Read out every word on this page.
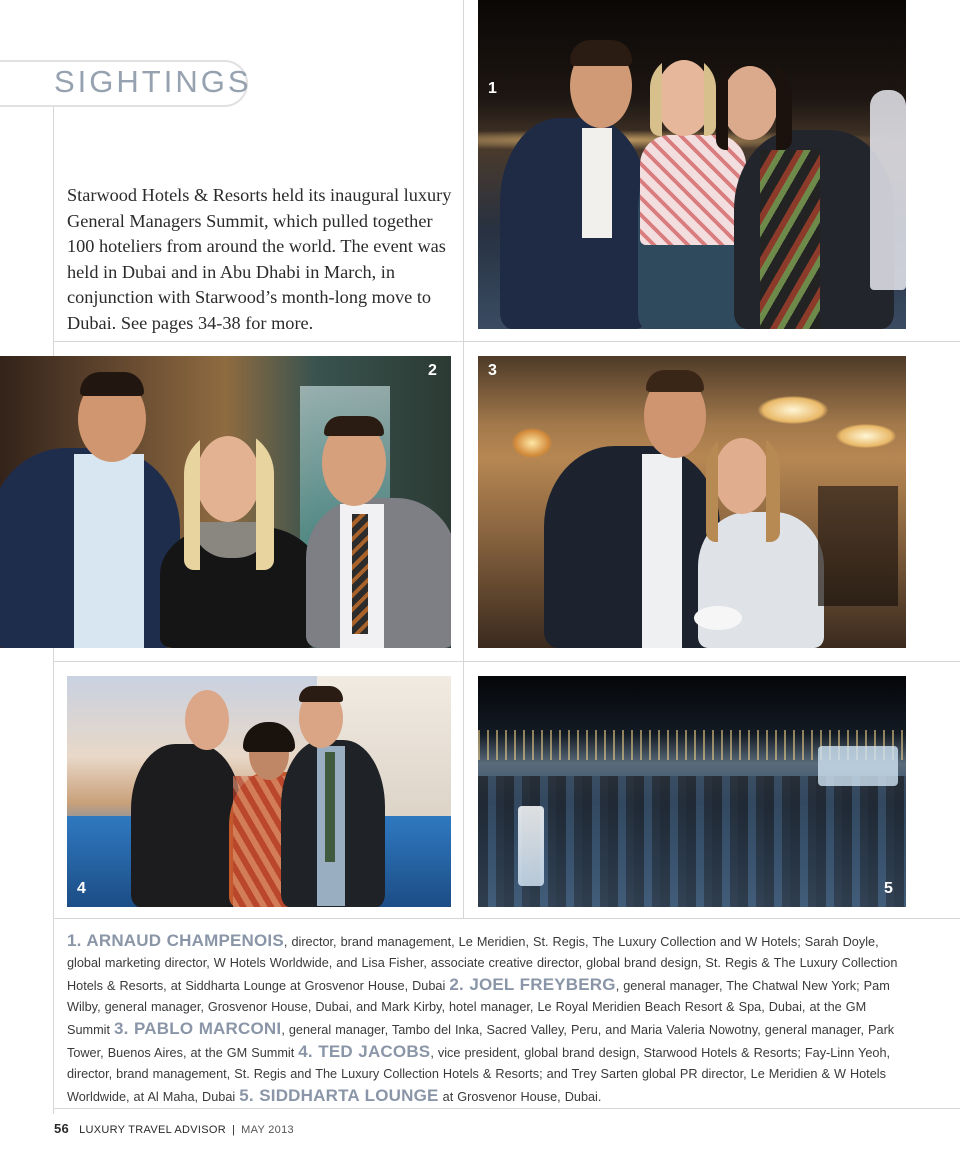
SIGHTINGS

Starwood Hotels & Resorts held its inaugural luxury General Managers Summit, which pulled together 100 hoteliers from around the world. The event was held in Dubai and in Abu Dhabi in March, in conjunction with Starwood’s month-long move to Dubai. See pages 34-38 for more.

1
2	3
4	5

1. ARNAUD CHAMPENOIS, director, brand management, Le Meridien, St. Regis, The Luxury Collection and W Hotels; Sarah Doyle, global marketing director, W Hotels Worldwide, and Lisa Fisher, associate creative director, global brand design, St. Regis & The Luxury Collection Hotels & Resorts, at Siddharta Lounge at Grosvenor House, Dubai 2. JOEL FREYBERG, general manager, The Chatwal New York; Pam Wilby, general manager, Grosvenor House, Dubai, and Mark Kirby, hotel manager, Le Royal Meridien Beach Resort & Spa, Dubai, at the GM Summit 3. PABLO MARCONI, general manager, Tambo del Inka, Sacred Valley, Peru, and Maria Valeria Nowotny, general manager, Park Tower, Buenos Aires, at the GM Summit 4. TED JACOBS, vice president, global brand design, Starwood Hotels & Resorts; Fay-Linn Yeoh, director, brand management, St. Regis and The Luxury Collection Hotels & Resorts; and Trey Sarten global PR director, Le Meridien & W Hotels Worldwide, at Al Maha, Dubai 5. SIDDHARTA LOUNGE at Grosvenor House, Dubai.

56 LUXURY TRAVEL ADVISOR | MAY 2013
